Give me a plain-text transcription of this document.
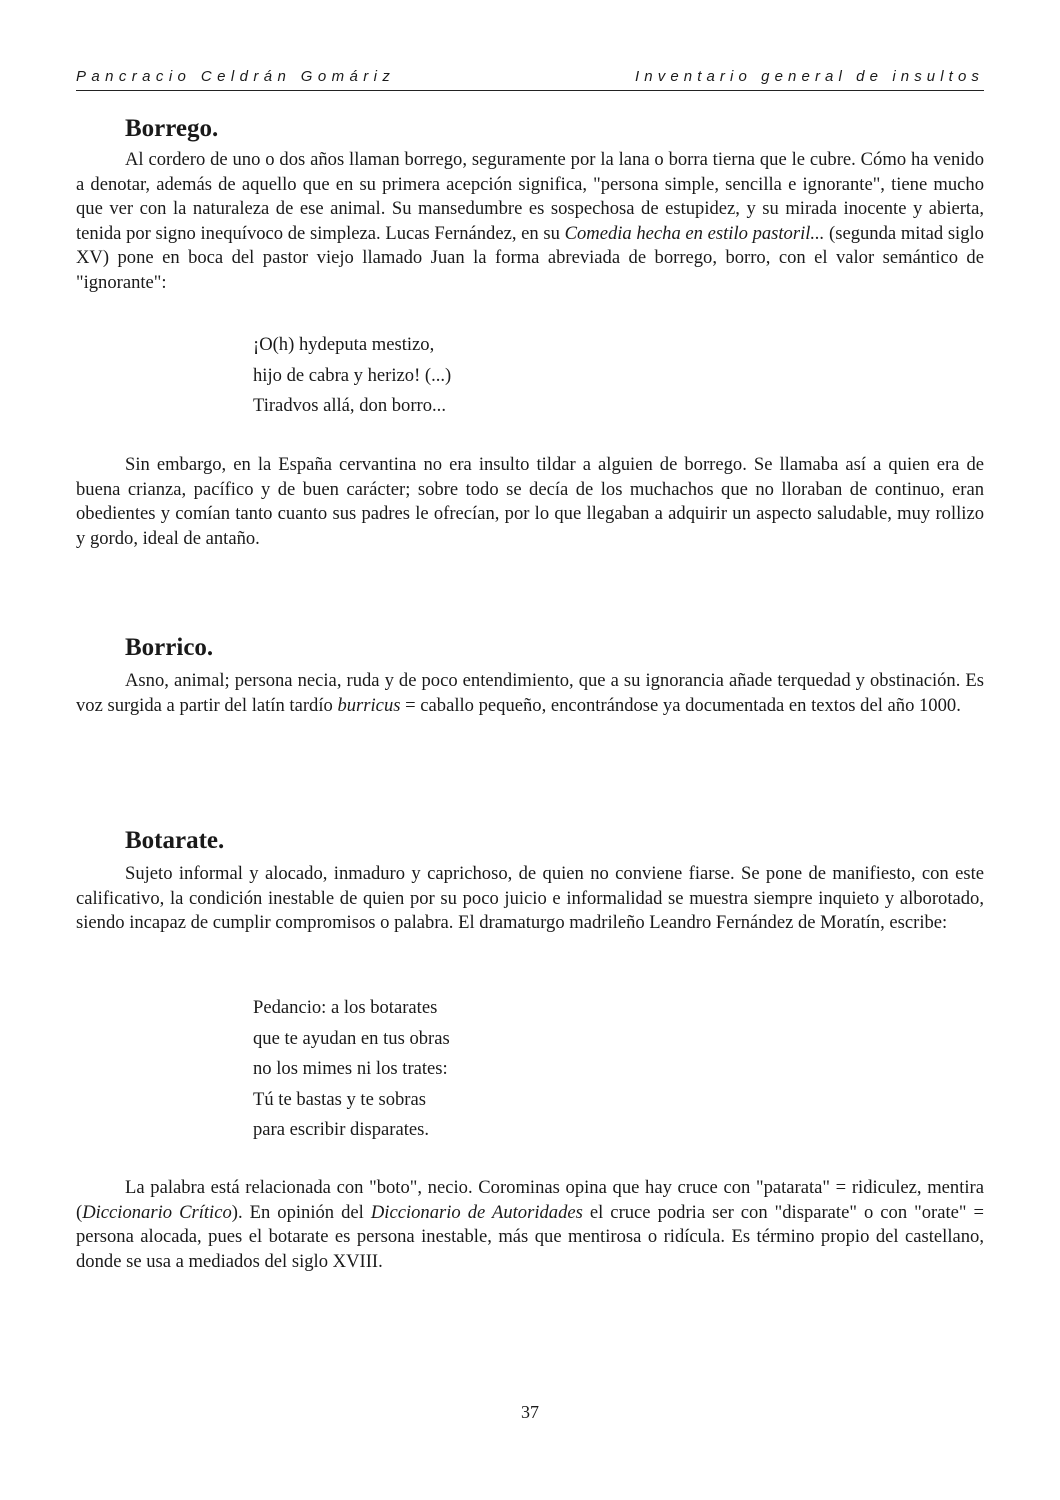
Pancracio Celdrán Gomáriz	Inventario general de insultos
Borrego.

Al cordero de uno o dos años llaman borrego, seguramente por la lana o borra tierna que le cubre. Cómo ha venido a denotar, además de aquello que en su primera acepción significa, "persona simple, sencilla e ignorante", tiene mucho que ver con la naturaleza de ese animal. Su mansedumbre es sospechosa de estupidez, y su mirada inocente y abierta, tenida por signo inequívoco de simpleza. Lucas Fernández, en su Comedia hecha en estilo pastoril... (segunda mitad siglo XV) pone en boca del pastor viejo llamado Juan la forma abreviada de borrego, borro, con el valor semántico de "ignorante":

¡O(h) hydeputa mestizo,
hijo de cabra y herizo! (...)
Tiradvos allá, don borro...

Sin embargo, en la España cervantina no era insulto tildar a alguien de borrego. Se llamaba así a quien era de buena crianza, pacífico y de buen carácter; sobre todo se decía de los muchachos que no lloraban de continuo, eran obedientes y comían tanto cuanto sus padres le ofrecían, por lo que llegaban a adquirir un aspecto saludable, muy rollizo y gordo, ideal de antaño.

Borrico.

Asno, animal; persona necia, ruda y de poco entendimiento, que a su ignorancia añade terquedad y obstinación. Es voz surgida a partir del latín tardío burricus = caballo pequeño, encontrándose ya documentada en textos del año 1000.

Botarate.

Sujeto informal y alocado, inmaduro y caprichoso, de quien no conviene fiarse. Se pone de manifiesto, con este calificativo, la condición inestable de quien por su poco juicio e informalidad se muestra siempre inquieto y alborotado, siendo incapaz de cumplir compromisos o palabra. El dramaturgo madrileño Leandro Fernández de Moratín, escribe:

Pedancio: a los botarates
que te ayudan en tus obras
no los mimes ni los trates:
Tú te bastas y te sobras
para escribir disparates.

La palabra está relacionada con "boto", necio. Corominas opina que hay cruce con "patarata" = ridiculez, mentira (Diccionario Crítico). En opinión del Diccionario de Autoridades el cruce podria ser con "disparate" o con "orate" = persona alocada, pues el botarate es persona inestable, más que mentirosa o ridícula. Es término propio del castellano, donde se usa a mediados del siglo XVIII.

37
